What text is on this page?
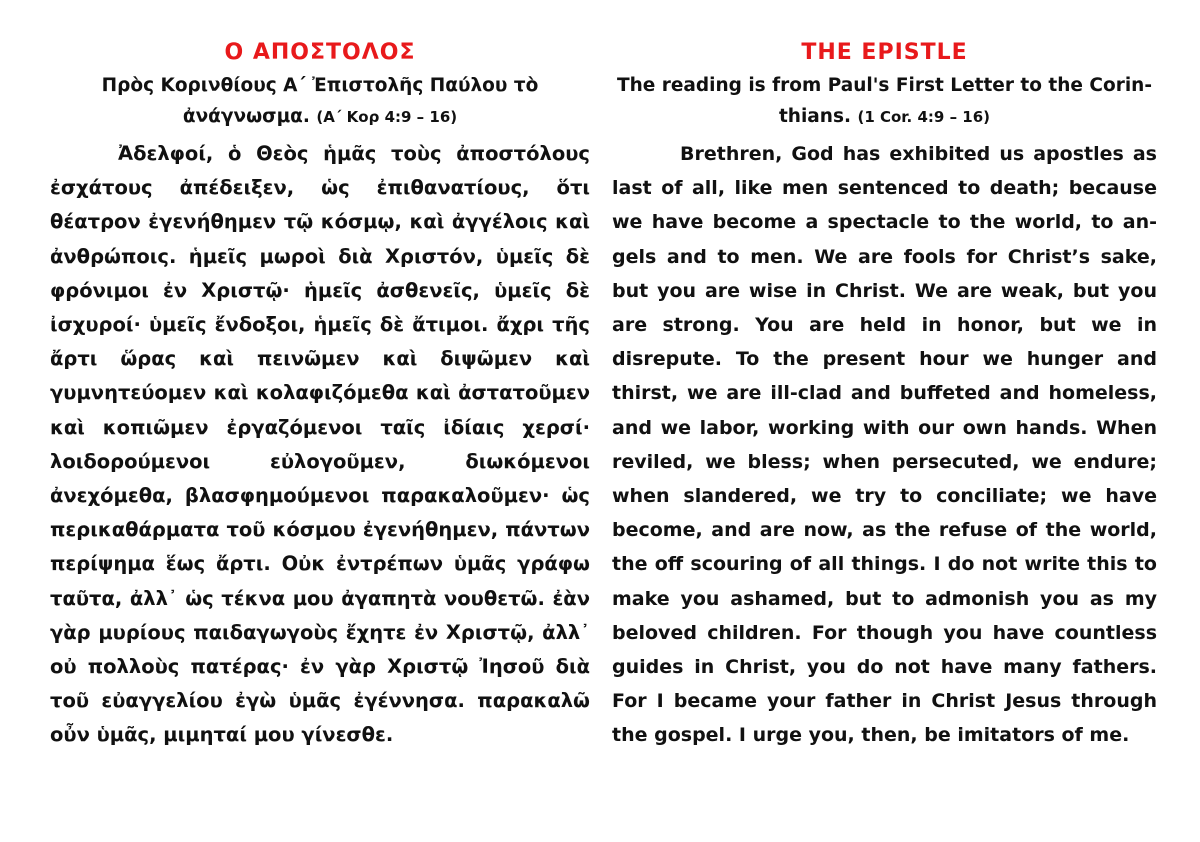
Ο ΑΠΟΣΤΟΛΟΣ

Πρὸς Κορινθίους Α΄ Ἐπιστολῆς Παύλου τὸ ἀνάγνωσμα. (Α΄ Κορ 4:9 – 16)

Ἀδελφοί, ὁ Θεὸς ἡμᾶς τοὺς ἀποστόλους ἐσχάτους ἀπέδειξεν, ὡς ἐπιθανατίους, ὅτι θέατρον ἐγενήθημεν τῷ κόσμῳ, καὶ ἀγγέλοις καὶ ἀνθρώποις. ἡμεῖς μωροὶ διὰ Χριστόν, ὑμεῖς δὲ φρόνιμοι ἐν Χριστῷ· ἡμεῖς ἀσθενεῖς, ὑμεῖς δὲ ἰσχυροί· ὑμεῖς ἔνδοξοι, ἡμεῖς δὲ ἄτιμοι. ἄχρι τῆς ἄρτι ὥρας καὶ πεινῶμεν καὶ διψῶμεν καὶ γυμνητεύομεν καὶ κολαφιζόμεθα καὶ ἀστατοῦμεν καὶ κοπιῶμεν ἐργαζόμενοι ταῖς ἰδίαις χερσί· λοιδορούμενοι εὐλογοῦμεν, διωκόμενοι ἀνεχόμεθα, βλασφημούμενοι παρακαλοῦμεν· ὡς περικαθάρματα τοῦ κόσμου ἐγενήθημεν, πάντων περίψημα ἕως ἄρτι. Οὐκ ἐντρέπων ὑμᾶς γράφω ταῦτα, ἀλλ᾿ ὡς τέκνα μου ἀγαπητὰ νουθετῶ. ἐὰν γὰρ μυρίους παιδαγωγοὺς ἔχητε ἐν Χριστῷ, ἀλλ᾿ οὐ πολλοὺς πατέρας· ἐν γὰρ Χριστῷ Ἰησοῦ διὰ τοῦ εὐαγγελίου ἐγὼ ὑμᾶς ἐγέννησα. παρακαλῶ οὖν ὑμᾶς, μιμηταί μου γίνεσθε.

THE EPISTLE

The reading is from Paul's First Letter to the Corinthians. (1 Cor. 4:9 – 16)

Brethren, God has exhibited us apostles as last of all, like men sentenced to death; because we have become a spectacle to the world, to angels and to men. We are fools for Christ’s sake, but you are wise in Christ. We are weak, but you are strong. You are held in honor, but we in disrepute. To the present hour we hunger and thirst, we are ill-clad and buffeted and homeless, and we labor, working with our own hands. When reviled, we bless; when persecuted, we endure; when slandered, we try to conciliate; we have become, and are now, as the refuse of the world, the off scouring of all things. I do not write this to make you ashamed, but to admonish you as my beloved children. For though you have countless guides in Christ, you do not have many fathers. For I became your father in Christ Jesus through the gospel. I urge you, then, be imitators of me.
